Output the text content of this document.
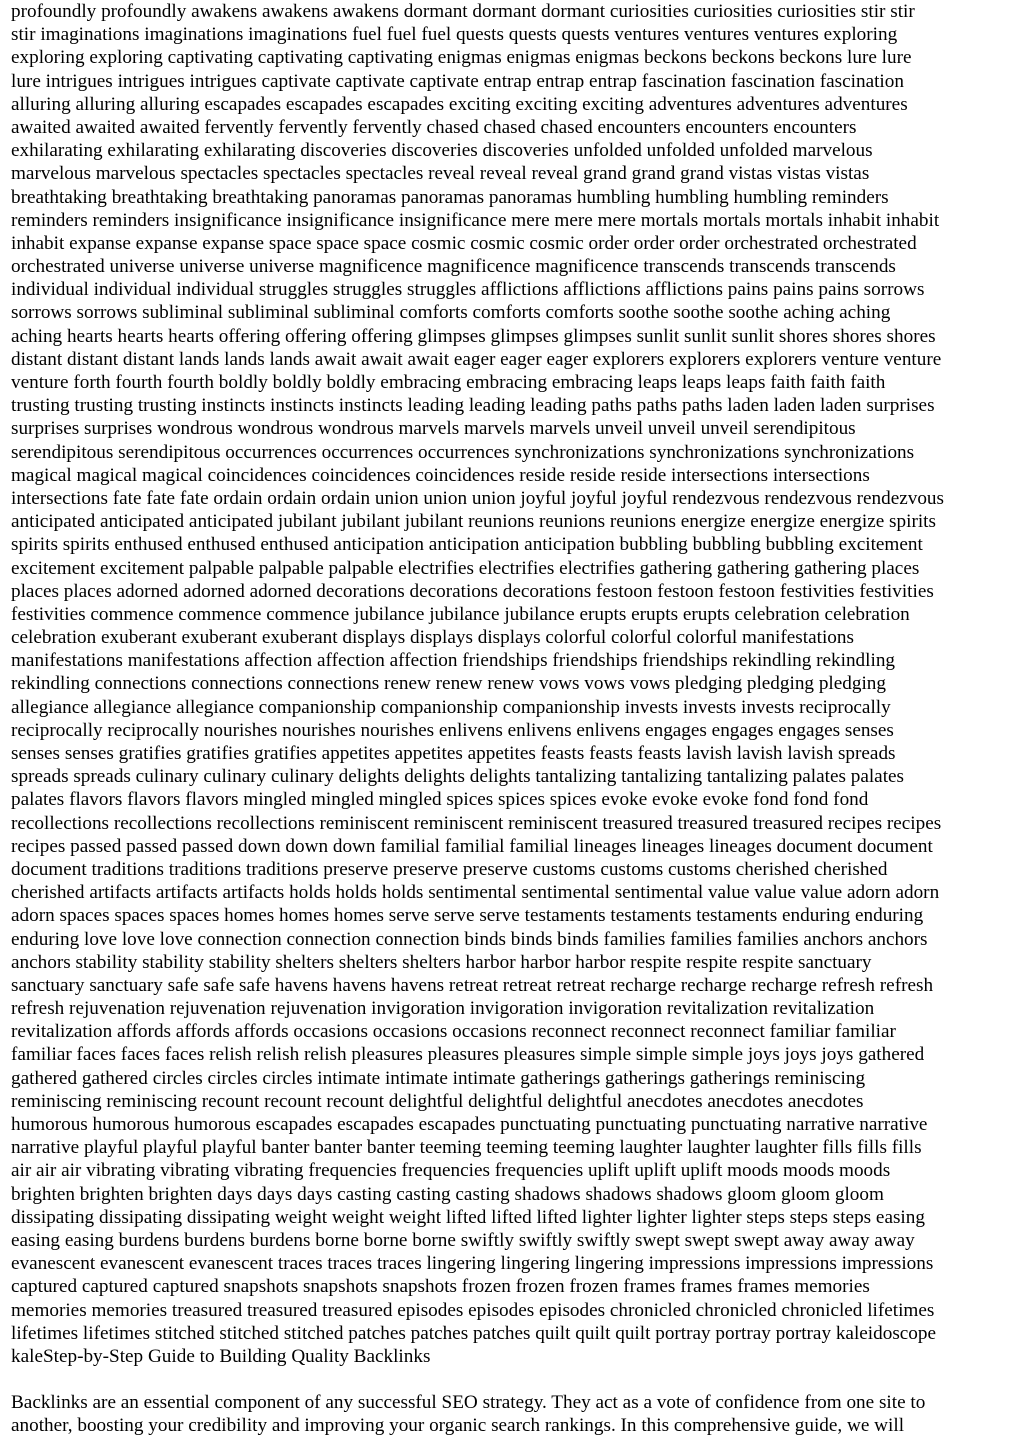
profoundly profoundly awakens awakens awakens dormant dormant dormant curiosities curiosities curiosities stir stir
stir imaginations imaginations imaginations fuel fuel fuel quests quests quests ventures ventures ventures exploring
exploring exploring captivating captivating captivating enigmas enigmas enigmas beckons beckons beckons lure lure
lure intrigues intrigues intrigues captivate captivate captivate entrap entrap entrap fascination fascination fascination
alluring alluring alluring escapades escapades escapades exciting exciting exciting adventures adventures adventures
awaited awaited awaited fervently fervently fervently chased chased chased encounters encounters encounters
exhilarating exhilarating exhilarating discoveries discoveries discoveries unfolded unfolded unfolded marvelous
marvelous marvelous spectacles spectacles spectacles reveal reveal reveal grand grand grand vistas vistas vistas
breathtaking breathtaking breathtaking panoramas panoramas panoramas humbling humbling humbling reminders
reminders reminders insignificance insignificance insignificance mere mere mere mortals mortals mortals inhabit inhabit
inhabit expanse expanse expanse space space space cosmic cosmic cosmic order order order orchestrated orchestrated
orchestrated universe universe universe magnificence magnificence magnificence transcends transcends transcends
individual individual individual struggles struggles struggles afflictions afflictions afflictions pains pains pains sorrows
sorrows sorrows subliminal subliminal subliminal comforts comforts comforts soothe soothe soothe aching aching
aching hearts hearts hearts offering offering offering glimpses glimpses glimpses sunlit sunlit sunlit shores shores shores
distant distant distant lands lands lands await await await eager eager eager explorers explorers explorers venture venture
venture forth fourth fourth boldly boldly boldly embracing embracing embracing leaps leaps leaps faith faith faith
trusting trusting trusting instincts instincts instincts leading leading leading paths paths paths laden laden laden surprises
surprises surprises wondrous wondrous wondrous marvels marvels marvels unveil unveil unveil serendipitous
serendipitous serendipitous occurrences occurrences occurrences synchronizations synchronizations synchronizations
magical magical magical coincidences coincidences coincidences reside reside reside intersections intersections
intersections fate fate fate ordain ordain ordain union union union joyful joyful joyful rendezvous rendezvous rendezvous
anticipated anticipated anticipated jubilant jubilant jubilant reunions reunions reunions energize energize energize spirits
spirits spirits enthused enthused enthused anticipation anticipation anticipation bubbling bubbling bubbling excitement
excitement excitement palpable palpable palpable electrifies electrifies electrifies gathering gathering gathering places
places places adorned adorned adorned decorations decorations decorations festoon festoon festoon festivities festivities
festivities commence commence commence jubilance jubilance jubilance erupts erupts erupts celebration celebration
celebration exuberant exuberant exuberant displays displays displays colorful colorful colorful manifestations
manifestations manifestations affection affection affection friendships friendships friendships rekindling rekindling
rekindling connections connections connections renew renew renew vows vows vows pledging pledging pledging
allegiance allegiance allegiance companionship companionship companionship invests invests invests reciprocally
reciprocally reciprocally nourishes nourishes nourishes enlivens enlivens enlivens engages engages engages senses
senses senses gratifies gratifies gratifies appetites appetites appetites feasts feasts feasts lavish lavish lavish spreads
spreads spreads culinary culinary culinary delights delights delights tantalizing tantalizing tantalizing palates palates
palates flavors flavors flavors mingled mingled mingled spices spices spices evoke evoke evoke fond fond fond
recollections recollections recollections reminiscent reminiscent reminiscent treasured treasured treasured recipes recipes
recipes passed passed passed down down down familial familial familial lineages lineages lineages document document
document traditions traditions traditions preserve preserve preserve customs customs customs cherished cherished
cherished artifacts artifacts artifacts holds holds holds sentimental sentimental sentimental value value value adorn adorn
adorn spaces spaces spaces homes homes homes serve serve serve testaments testaments testaments enduring enduring
enduring love love love connection connection connection binds binds binds families families families anchors anchors
anchors stability stability stability shelters shelters shelters harbor harbor harbor respite respite respite sanctuary
sanctuary sanctuary safe safe safe havens havens havens retreat retreat retreat recharge recharge recharge refresh refresh
refresh rejuvenation rejuvenation rejuvenation invigoration invigoration invigoration revitalization revitalization
revitalization affords affords affords occasions occasions occasions reconnect reconnect reconnect familiar familiar
familiar faces faces faces relish relish relish pleasures pleasures pleasures simple simple simple joys joys joys gathered
gathered gathered circles circles circles intimate intimate intimate gatherings gatherings gatherings reminiscing
reminiscing reminiscing recount recount recount delightful delightful delightful anecdotes anecdotes anecdotes
humorous humorous humorous escapades escapades escapades punctuating punctuating punctuating narrative narrative
narrative playful playful playful banter banter banter teeming teeming teeming laughter laughter laughter fills fills fills
air air air vibrating vibrating vibrating frequencies frequencies frequencies uplift uplift uplift moods moods moods
brighten brighten brighten days days days casting casting casting shadows shadows shadows gloom gloom gloom
dissipating dissipating dissipating weight weight weight lifted lifted lifted lighter lighter lighter steps steps steps easing
easing easing burdens burdens burdens borne borne borne swiftly swiftly swiftly swept swept swept away away away
evanescent evanescent evanescent traces traces traces lingering lingering lingering impressions impressions impressions
captured captured captured snapshots snapshots snapshots frozen frozen frozen frames frames frames memories
memories memories treasured treasured treasured episodes episodes episodes chronicled chronicled chronicled lifetimes
lifetimes lifetimes stitched stitched stitched patches patches patches quilt quilt quilt portray portray portray kaleidoscope
kaleStep-by-Step Guide to Building Quality Backlinks
Backlinks are an essential component of any successful SEO strategy. They act as a vote of confidence from one site to
another, boosting your credibility and improving your organic search rankings. In this comprehensive guide, we will
